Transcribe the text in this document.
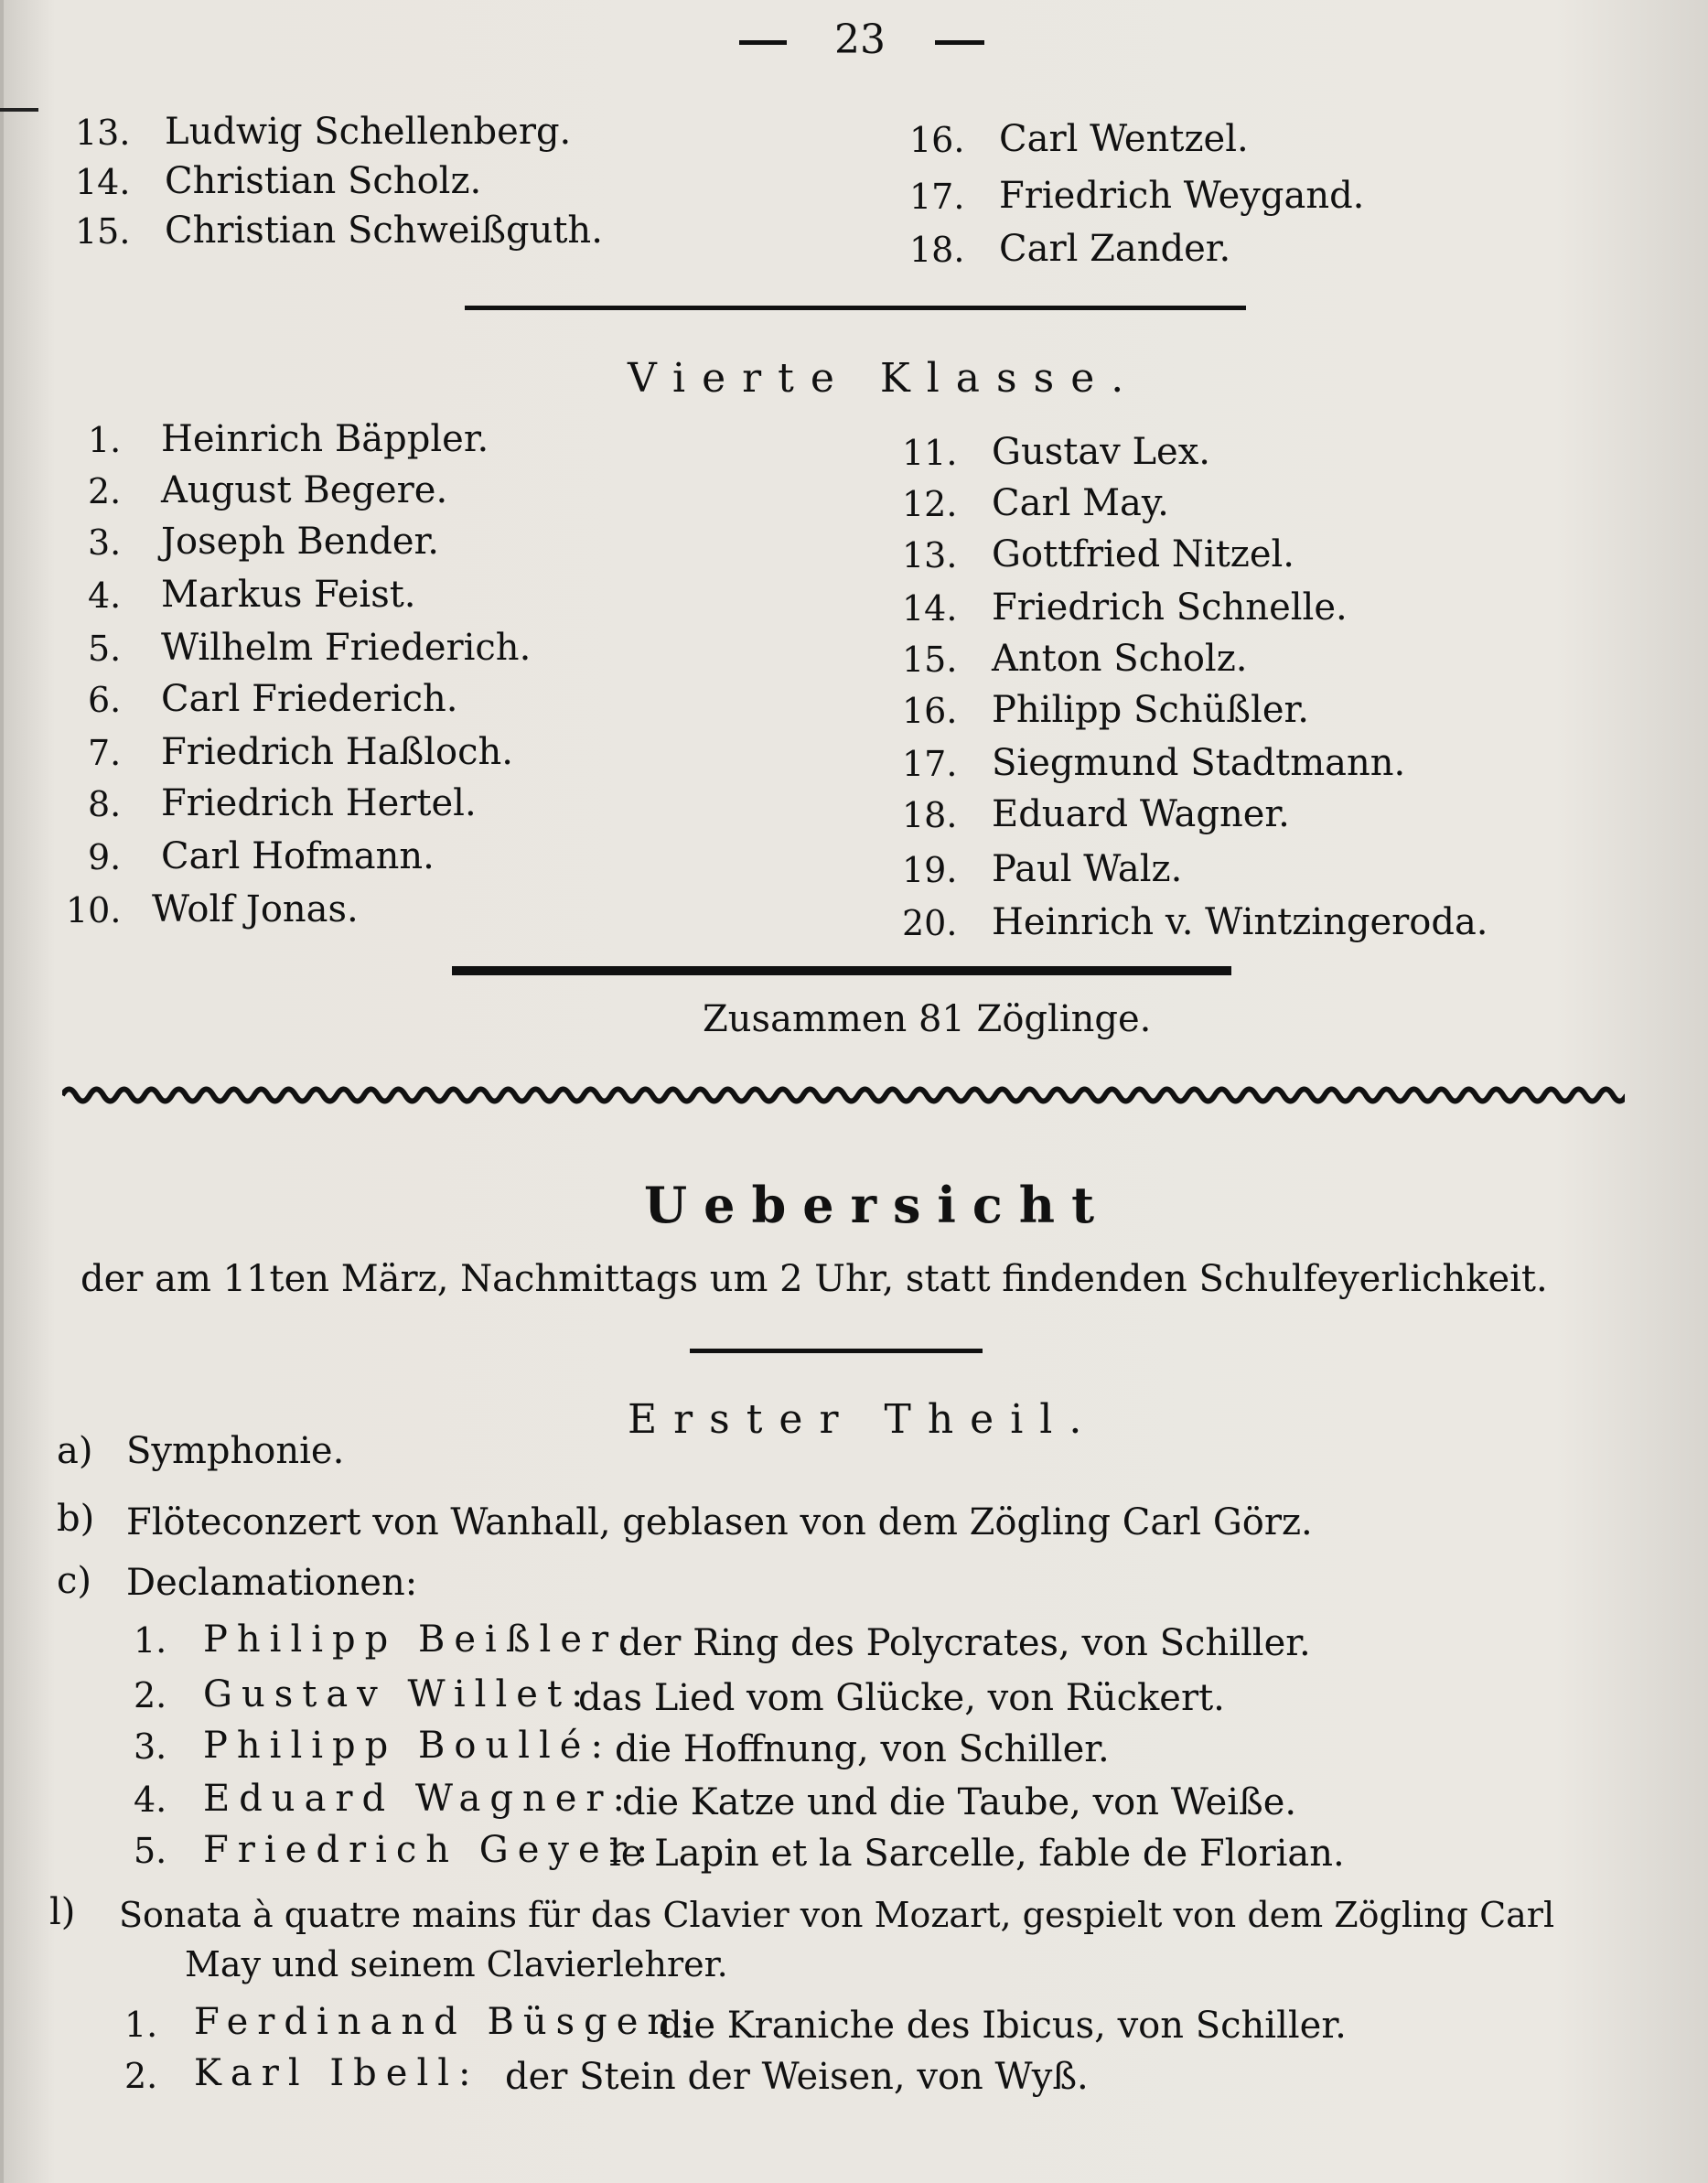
23
13. Ludwig Schellenberg.
14. Christian Scholz.
15. Christian Schweißguth.
16. Carl Wentzel.
17. Friedrich Weygand.
18. Carl Zander.
Vierte Klasse.
1. Heinrich Bäppler.
2. August Begere.
3. Joseph Bender.
4. Markus Feist.
5. Wilhelm Friederich.
6. Carl Friederich.
7. Friedrich Haßloch.
8. Friedrich Hertel.
9. Carl Hofmann.
10. Wolf Jonas.
11. Gustav Lex.
12. Carl May.
13. Gottfried Nitzel.
14. Friedrich Schnelle.
15. Anton Scholz.
16. Philipp Schüßler.
17. Siegmund Stadtmann.
18. Eduard Wagner.
19. Paul Walz.
20. Heinrich v. Wintzingeroda.
Zusammen 81 Zöglinge.
Uebersicht
der am 11ten März, Nachmittags um 2 Uhr, statt findenden Schulfeyerlichkeit.
Erster Theil.
a) Symphonie.
b) Flöteconzert von Wanhall, geblasen von dem Zögling Carl Görz.
c) Declamationen:
1. Philipp Beißler:
der Ring des Polycrates, von Schiller.
2. Gustav Willet:
das Lied vom Glücke, von Rückert.
3. Philipp Boullé: die Hoffnung, von Schiller.
4. Eduard Wagner:
die Katze und die Taube, von Weiße.
5. Friedrich Geyer:
le Lapin et la Sarcelle, fable de Florian.
l) Sonata à quatre mains für das Clavier von Mozart, gespielt von dem Zögling Carl
May und seinem Clavierlehrer.
1. Ferdinand Büsgen:
die Kraniche des Ibicus, von Schiller.
2. Karl Ibell: der Stein der Weisen, von Wyß.
